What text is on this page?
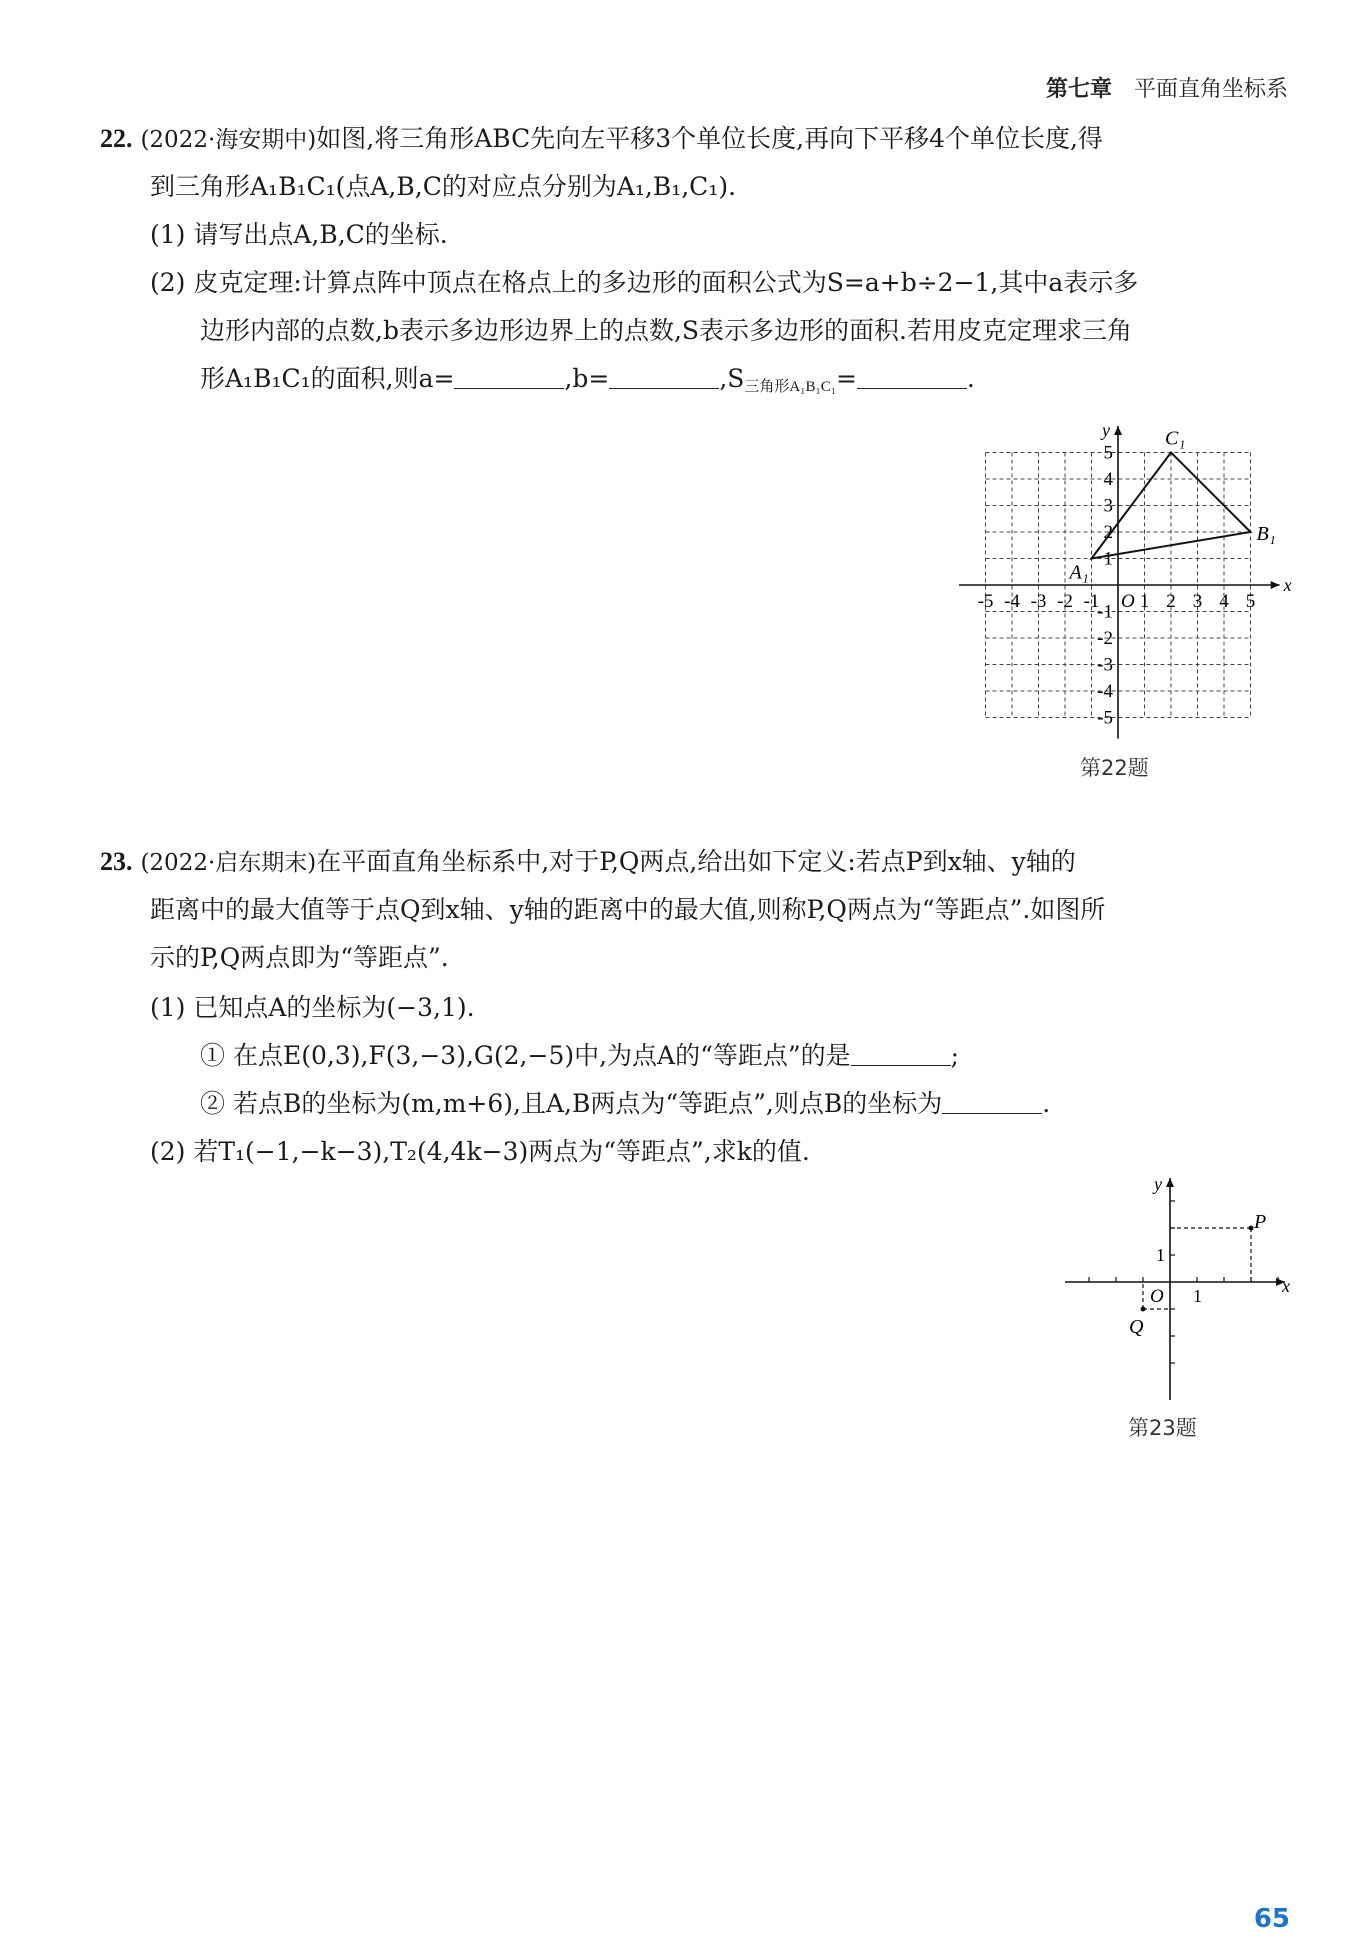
第七章 平面直角坐标系
22. (2022·海安期中)如图,将三角形ABC先向左平移3个单位长度,再向下平移4个单位长度,得
到三角形A₁B₁C₁(点A,B,C的对应点分别为A₁,B₁,C₁).
(1) 请写出点A,B,C的坐标.
(2) 皮克定理:计算点阵中顶点在格点上的多边形的面积公式为S=a+b÷2−1,其中a表示多
边形内部的点数,b表示多边形边界上的点数,S表示多边形的面积.若用皮克定理求三角
形A₁B₁C₁的面积,则a=	,b=	$,S_{三角形A_1B_1C_1}=$	.
x
y
O
-5 -4 -3 -2 -1 1 2 3 4 5
5
4
3
2
1
-1
-2
-3
-4
-5
A₁
B₁
C₁
第22题
23. (2022·启东期末)在平面直角坐标系中,对于P,Q两点,给出如下定义:若点P到x轴、y轴的
距离中的最大值等于点Q到x轴、y轴的距离中的最大值,则称P,Q两点为“等距点”.如图所
示的P,Q两点即为“等距点”.
(1) 已知点A的坐标为(−3,1).
① 在点E(0,3),F(3,−3),G(2,−5)中,为点A的“等距点”的是	;
② 若点B的坐标为(m,m+6),且A,B两点为“等距点”,则点B的坐标为	.
(2) 若T₁(−1,−k−3),T₂(4,4k−3)两点为“等距点”,求k的值.
x
y
O 1
1
P
Q
第23题
65
